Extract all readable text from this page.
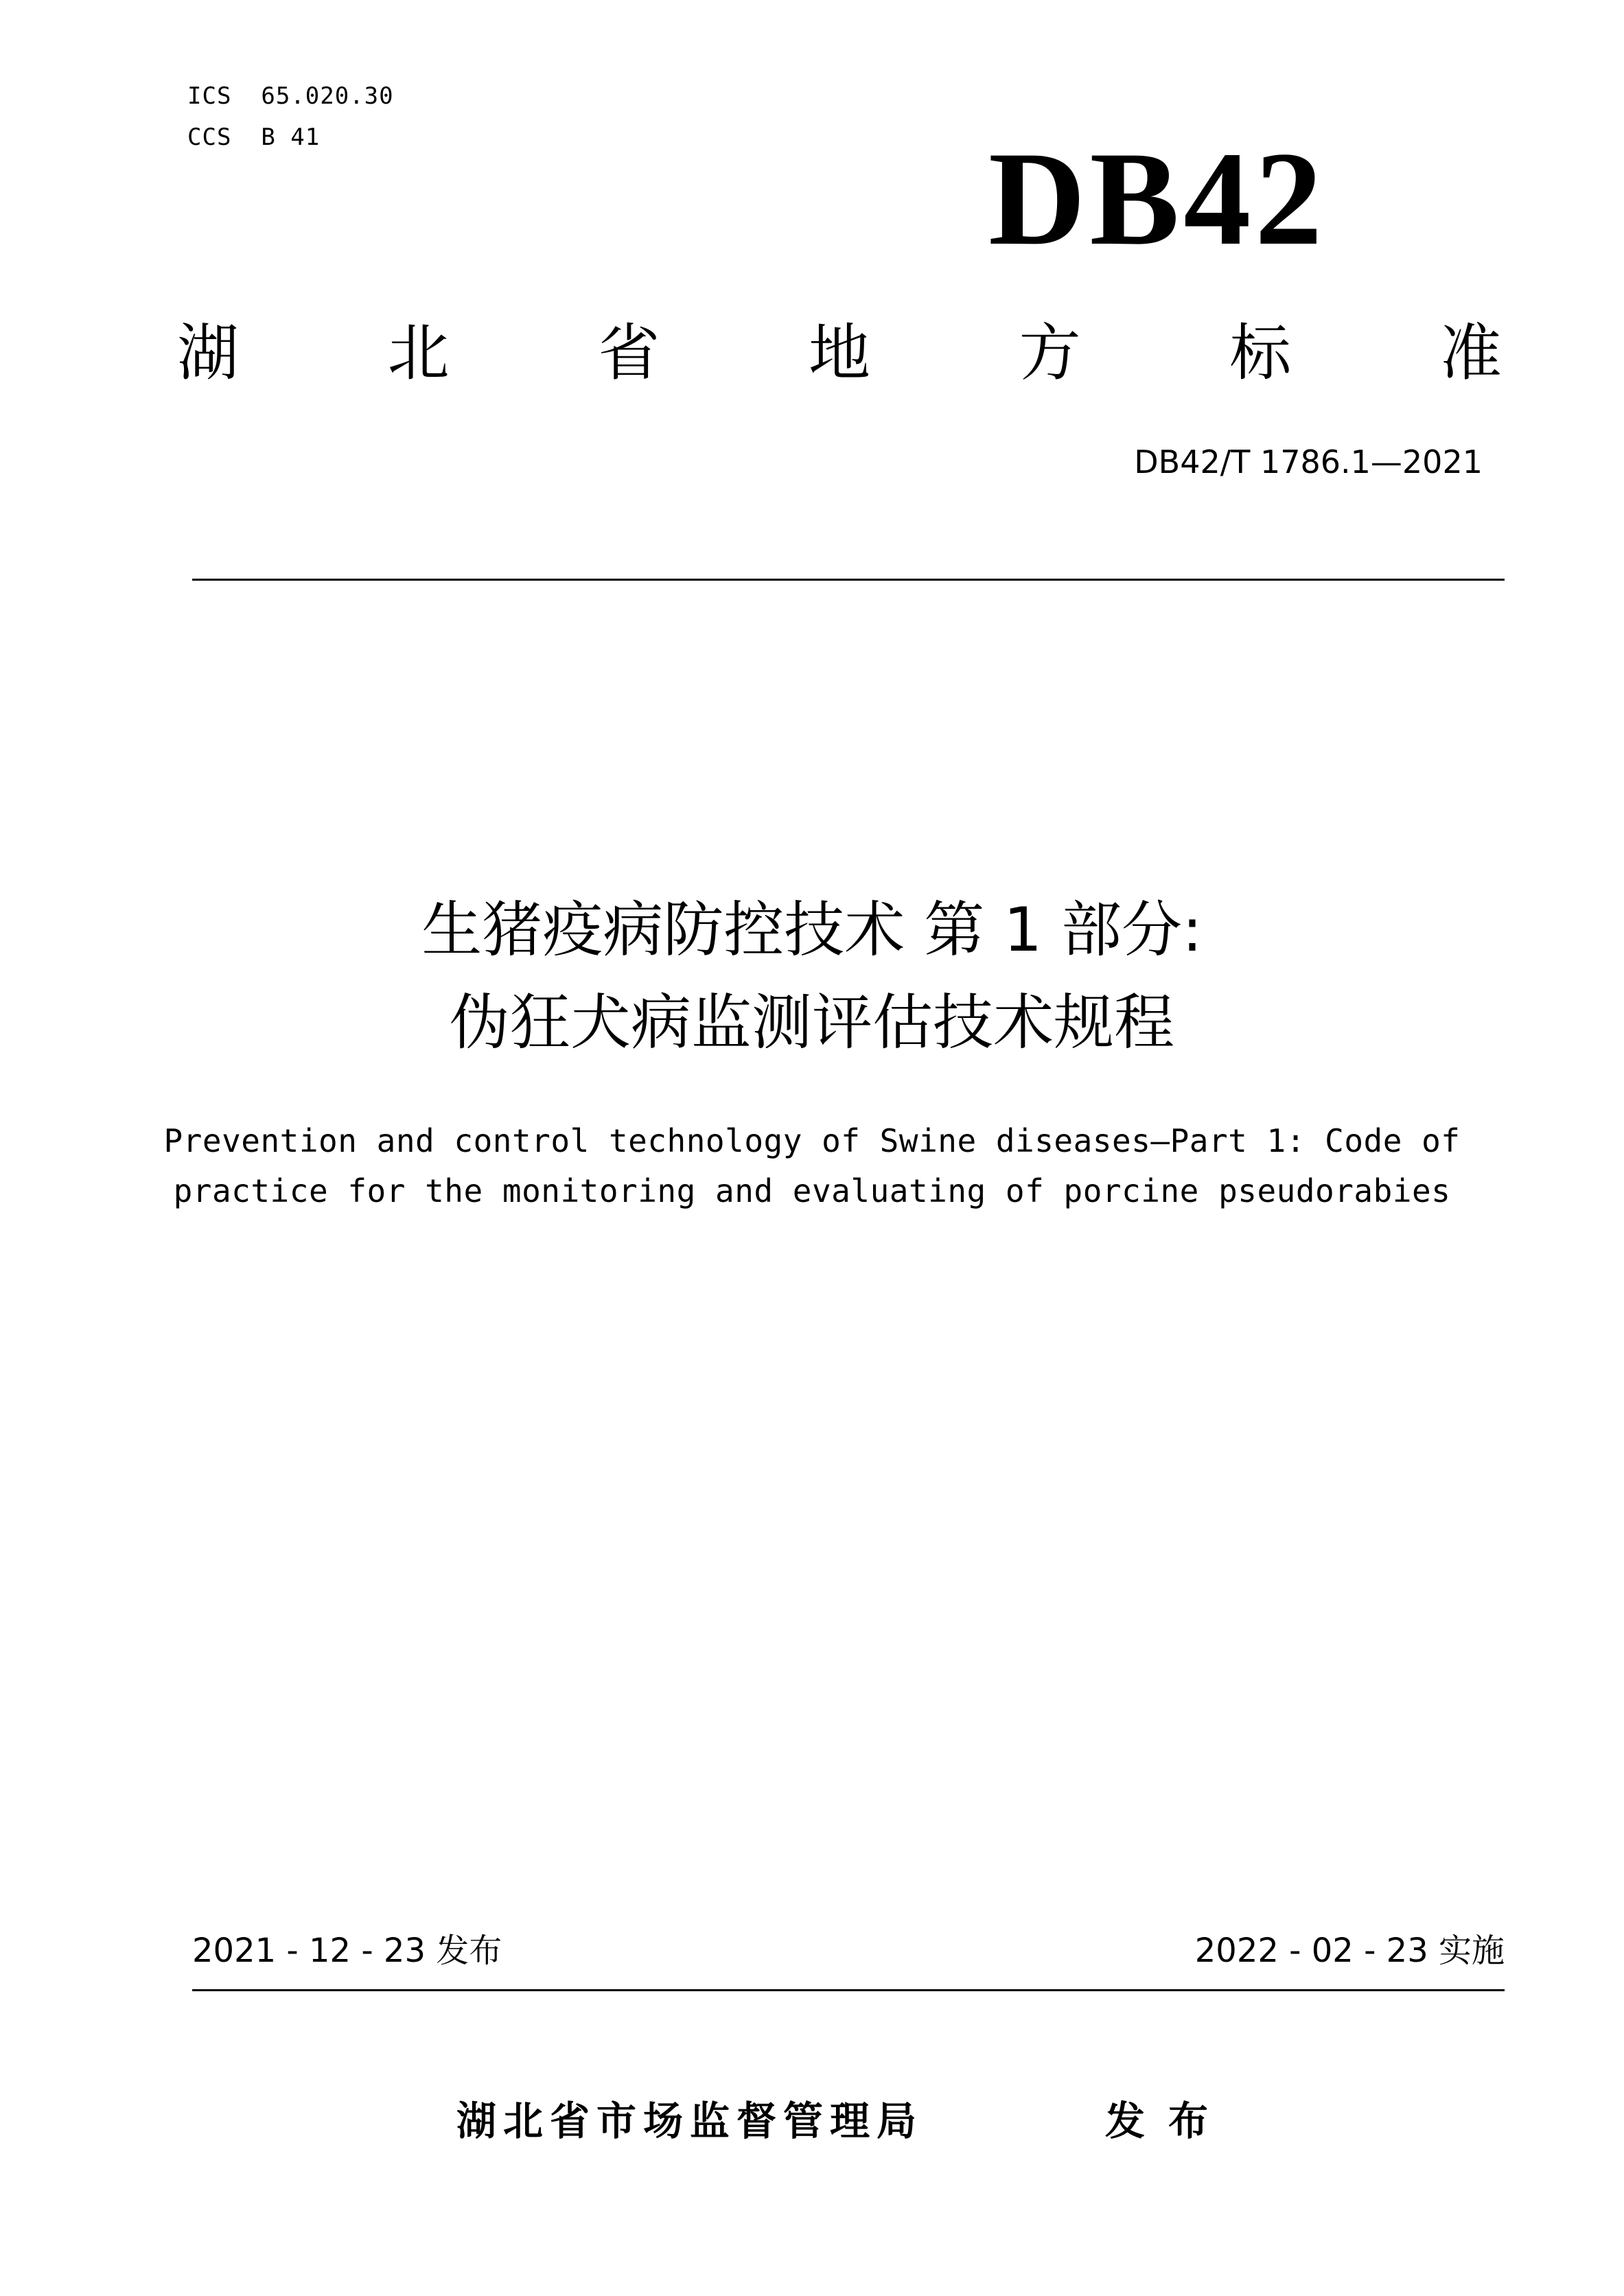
ICS  65.020.30
CCS  B 41	DB42
湖 北 省 地 方 标 准
DB42/T 1786.1—2021
生猪疫病防控技术 第 1 部分:
伪狂犬病监测评估技术规程
Prevention and control technology of Swine diseases—Part 1: Code of
practice for the monitoring and evaluating of porcine pseudorabies
2021 - 12 - 23 发布	2022 - 02 - 23 实施
湖北省市场监督管理局	发布
